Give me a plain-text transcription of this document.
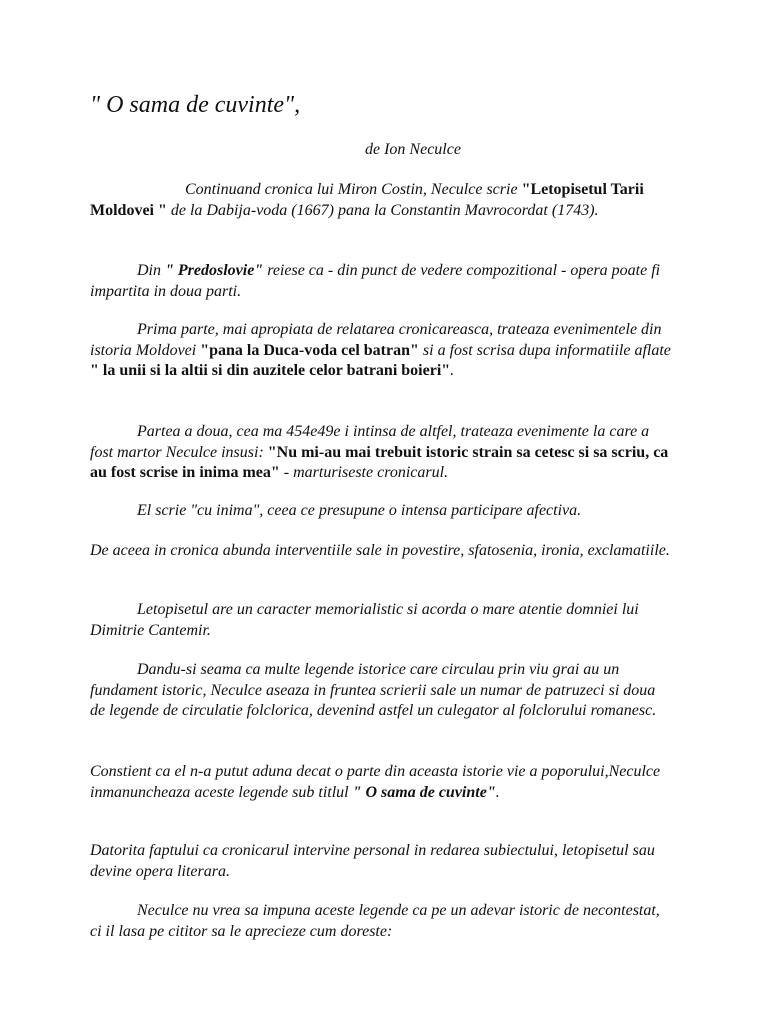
" O sama de cuvinte",

de Ion Neculce

Continuand cronica lui Miron Costin, Neculce scrie "Letopisetul Tarii Moldovei " de la Dabija-voda (1667) pana la Constantin Mavrocordat (1743).

Din " Predoslovie" reiese ca - din punct de vedere compozitional - opera poate fi impartita in doua parti.

Prima parte, mai apropiata de relatarea cronicareasca, trateaza evenimentele din istoria Moldovei "pana la Duca-voda cel batran" si a fost scrisa dupa informatiile aflate " la unii si la altii si din auzitele celor batrani boieri".

Partea a doua, cea ma 454e49e i intinsa de altfel, trateaza evenimente la care a fost martor Neculce insusi: "Nu mi-au mai trebuit istoric strain sa cetesc si sa scriu, ca au fost scrise in inima mea" - marturiseste cronicarul.

El scrie "cu inima", ceea ce presupune o intensa participare afectiva.

De aceea in cronica abunda interventiile sale in povestire, sfatosenia, ironia, exclamatiile.

Letopisetul are un caracter memorialistic si acorda o mare atentie domniei lui Dimitrie Cantemir.

Dandu-si seama ca multe legende istorice care circulau prin viu grai au un fundament istoric, Neculce aseaza in fruntea scrierii sale un numar de patruzeci si doua de legende de circulatie folclorica, devenind astfel un culegator al folclorului romanesc.

Constient ca el n-a putut aduna decat o parte din aceasta istorie vie a poporului,Neculce inmanuncheaza aceste legende sub titlul " O sama de cuvinte".

Datorita faptului ca cronicarul intervine personal in redarea subiectului, letopisetul sau devine opera literara.

Neculce nu vrea sa impuna aceste legende ca pe un adevar istoric de necontestat, ci il lasa pe cititor sa le aprecieze cum doreste:
